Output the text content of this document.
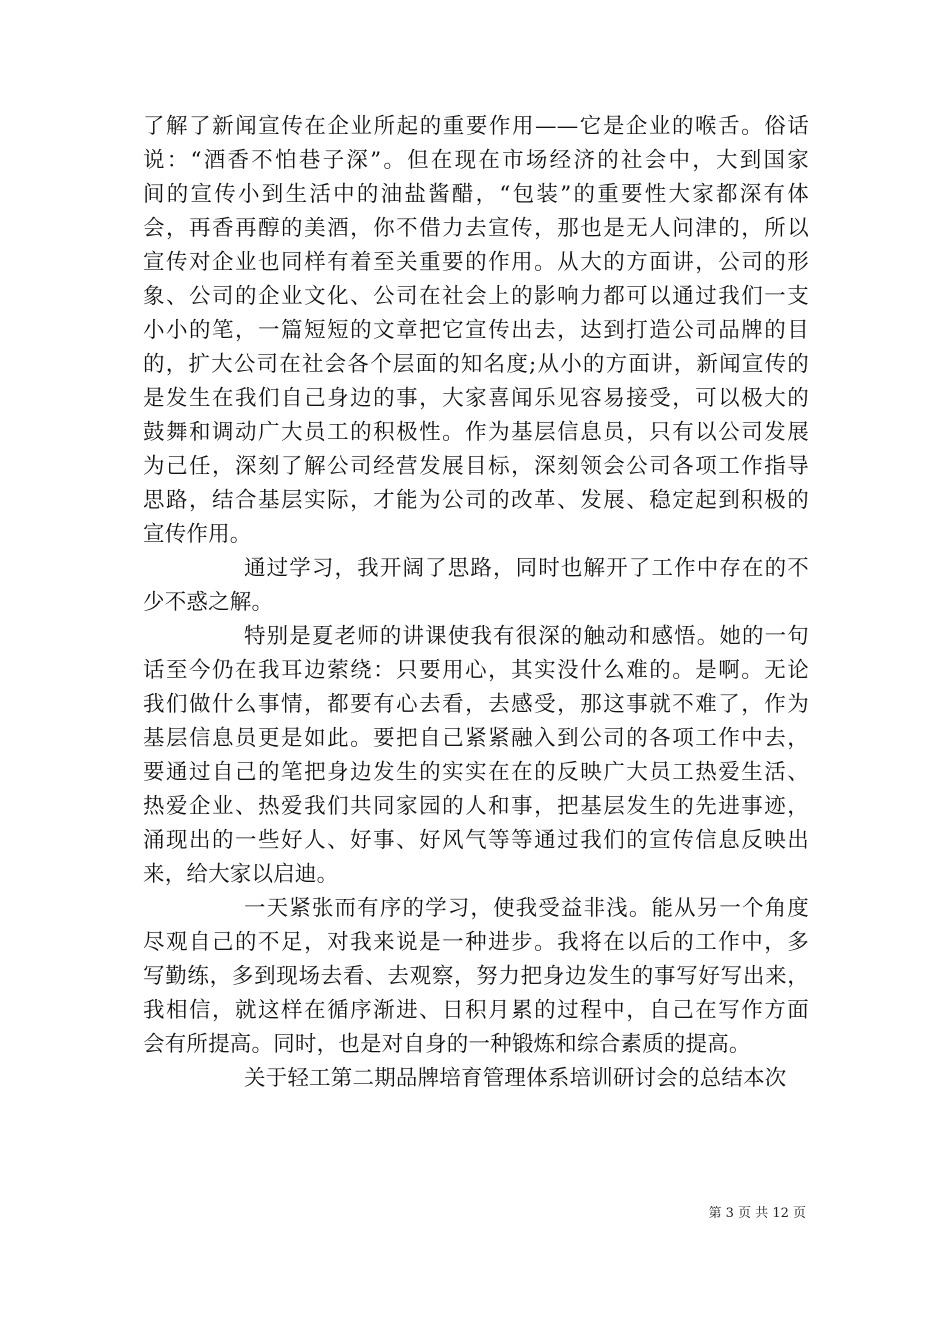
了解了新闻宣传在企业所起的重要作用——它是企业的喉舌。俗话
说：“酒香不怕巷子深”。但在现在市场经济的社会中，大到国家
间的宣传小到生活中的油盐酱醋，“包装”的重要性大家都深有体
会，再香再醇的美酒，你不借力去宣传，那也是无人问津的，所以
宣传对企业也同样有着至关重要的作用。从大的方面讲，公司的形
象、公司的企业文化、公司在社会上的影响力都可以通过我们一支
小小的笔，一篇短短的文章把它宣传出去，达到打造公司品牌的目
的，扩大公司在社会各个层面的知名度;从小的方面讲，新闻宣传的
是发生在我们自己身边的事，大家喜闻乐见容易接受，可以极大的
鼓舞和调动广大员工的积极性。作为基层信息员，只有以公司发展
为己任，深刻了解公司经营发展目标，深刻领会公司各项工作指导
思路，结合基层实际，才能为公司的改革、发展、稳定起到积极的
宣传作用。
通过学习，我开阔了思路，同时也解开了工作中存在的不
少不惑之解。
特别是夏老师的讲课使我有很深的触动和感悟。她的一句
话至今仍在我耳边萦绕：只要用心，其实没什么难的。是啊。无论
我们做什么事情，都要有心去看，去感受，那这事就不难了，作为
基层信息员更是如此。要把自己紧紧融入到公司的各项工作中去，
要通过自己的笔把身边发生的实实在在的反映广大员工热爱生活、
热爱企业、热爱我们共同家园的人和事，把基层发生的先进事迹，
涌现出的一些好人、好事、好风气等等通过我们的宣传信息反映出
来，给大家以启迪。
一天紧张而有序的学习，使我受益非浅。能从另一个角度
尽观自己的不足，对我来说是一种进步。我将在以后的工作中，多
写勤练，多到现场去看、去观察，努力把身边发生的事写好写出来，
我相信，就这样在循序渐进、日积月累的过程中，自己在写作方面
会有所提高。同时，也是对自身的一种锻炼和综合素质的提高。
关于轻工第二期品牌培育管理体系培训研讨会的总结本次
第 3 页 共 12 页
